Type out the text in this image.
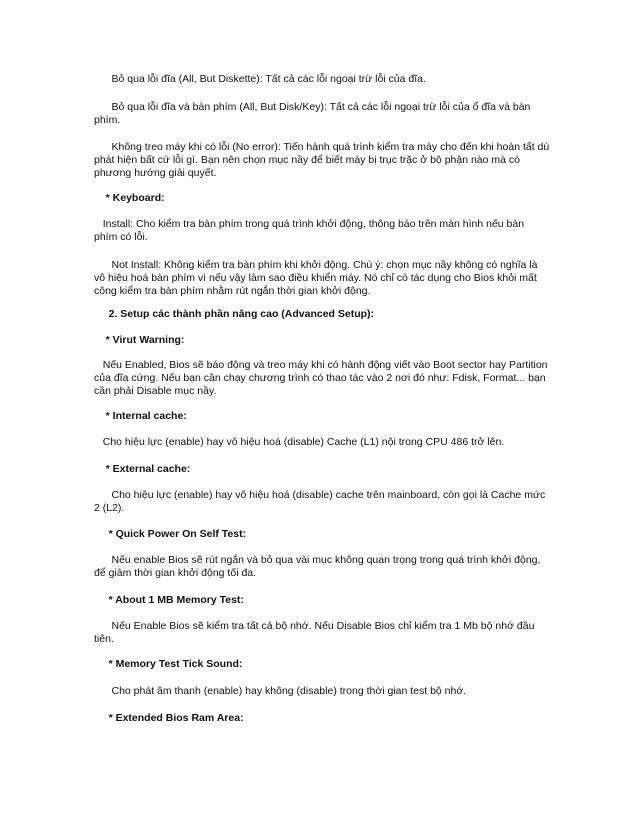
Bỏ qua lỗi đĩa (All, But Diskette): Tất cả các lỗi ngoại trừ lỗi của đĩa.

Bỏ qua lỗi đĩa và bàn phím (All, But Disk/Key): Tất cả các lỗi ngoại trừ lỗi của ổ đĩa và bàn phím.

Không treo máy khi có lỗi (No error): Tiến hành quá trình kiểm tra máy cho đến khi hoàn tất dù phát hiện bất cứ lỗi gì. Bạn nên chọn mục nầy để biết máy bị trục trặc ở bộ phận nào mà có phương hướng giải quyết.

* Keyboard:

Install: Cho kiểm tra bàn phím trong quá trình khởi động, thông báo trên màn hình nếu bàn phím có lỗi.

Not Install: Không kiểm tra bàn phím khi khởi động. Chú ý: chọn mục nầy không có nghĩa là vô hiệu hoá bàn phím vì nếu vậy làm sao điều khiển máy. Nó chỉ có tác dụng cho Bios khỏi mất công kiểm tra bàn phím nhằm rút ngắn thời gian khởi động.

2. Setup các thành phần nâng cao (Advanced Setup):

* Virut Warning:

Nếu Enabled, Bios sẽ báo động và treo máy khi có hành động viết vào Boot sector hay Partition của đĩa cứng. Nếu bạn cần chạy chương trình có thao tác vào 2 nơi đó như: Fdisk, Format... bạn cần phải Disable mục nầy.

* Internal cache:

Cho hiệu lực (enable) hay vô hiệu hoá (disable) Cache (L1) nội trong CPU 486 trở lên.

* External cache:

Cho hiệu lực (enable) hay vô hiệu hoá (disable) cache trên mainboard, còn gọi là Cache mức 2 (L2).

* Quick Power On Self Test:

Nếu enable Bios sẽ rút ngắn và bỏ qua vài mục không quan trọng trong quá trình khởi động, để giảm thời gian khởi động tối đa.

* About 1 MB Memory Test:

Nếu Enable Bios sẽ kiểm tra tất cả bộ nhớ. Nếu Disable Bios chỉ kiểm tra 1 Mb bộ nhớ đầu tiên.

* Memory Test Tick Sound:

Cho phát âm thanh (enable) hay không (disable) trong thời gian test bộ nhớ.

* Extended Bios Ram Area:
